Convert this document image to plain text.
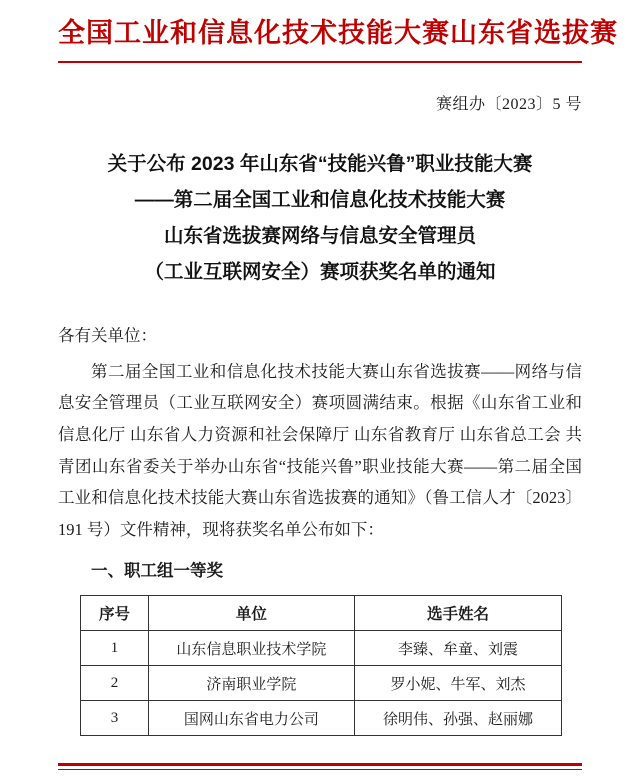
全国工业和信息化技术技能大赛山东省选拔赛
赛组办〔2023〕5 号
关于公布 2023 年山东省“技能兴鲁”职业技能大赛
——第二届全国工业和信息化技术技能大赛
山东省选拔赛网络与信息安全管理员
（工业互联网安全）赛项获奖名单的通知
各有关单位：
第二届全国工业和信息化技术技能大赛山东省选拔赛——网络与信息安全管理员（工业互联网安全）赛项圆满结束。根据《山东省工业和信息化厅 山东省人力资源和社会保障厅 山东省教育厅 山东省总工会 共青团山东省委关于举办山东省“技能兴鲁”职业技能大赛——第二届全国工业和信息化技术技能大赛山东省选拔赛的通知》（鲁工信人才〔2023〕191 号）文件精神，现将获奖名单公布如下：
一、职工组一等奖
序号	单位	选手姓名
1	山东信息职业技术学院	李臻、牟童、刘震
2	济南职业学院	罗小妮、牛军、刘杰
3	国网山东省电力公司	徐明伟、孙强、赵丽娜
